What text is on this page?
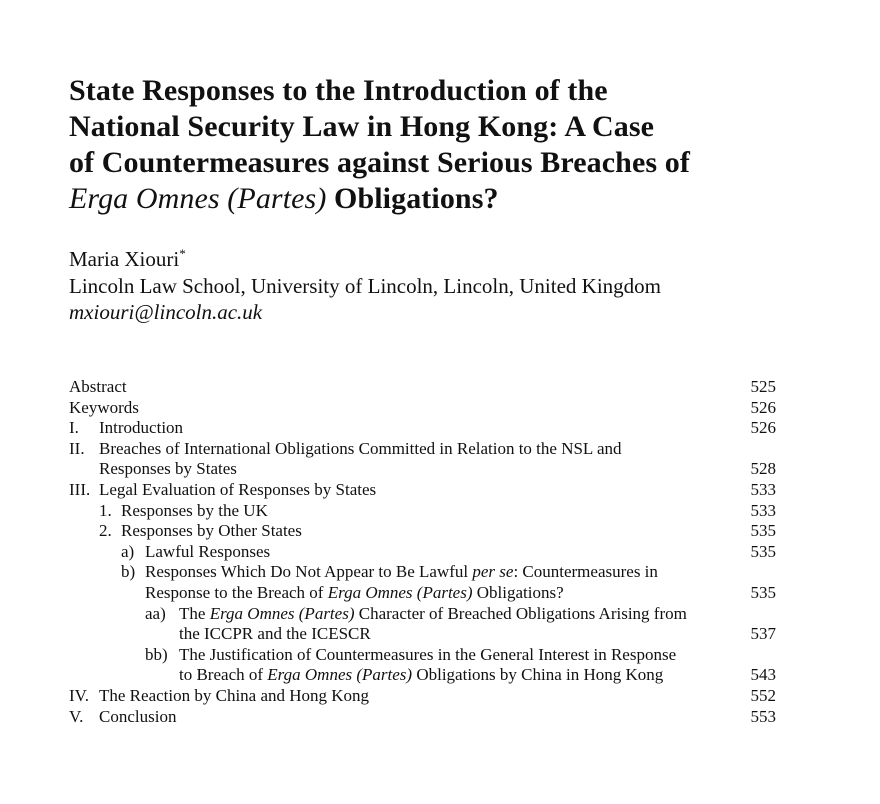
State Responses to the Introduction of the
National Security Law in Hong Kong: A Case
of Countermeasures against Serious Breaches of
Erga Omnes (Partes) Obligations?
Maria Xiouri*
Lincoln Law School, University of Lincoln, Lincoln, United Kingdom
mxiouri@lincoln.ac.uk
Abstract	525
Keywords	526
I. Introduction	526
II. Breaches of International Obligations Committed in Relation to the NSL and
Responses by States	528
III. Legal Evaluation of Responses by States	533
1. Responses by the UK	533
2. Responses by Other States	535
a) Lawful Responses	535
b) Responses Which Do Not Appear to Be Lawful per se: Countermeasures in
Response to the Breach of Erga Omnes (Partes) Obligations?	535
aa) The Erga Omnes (Partes) Character of Breached Obligations Arising from
the ICCPR and the ICESCR	537
bb) The Justification of Countermeasures in the General Interest in Response
to Breach of Erga Omnes (Partes) Obligations by China in Hong Kong	543
IV. The Reaction by China and Hong Kong	552
V. Conclusion	553
